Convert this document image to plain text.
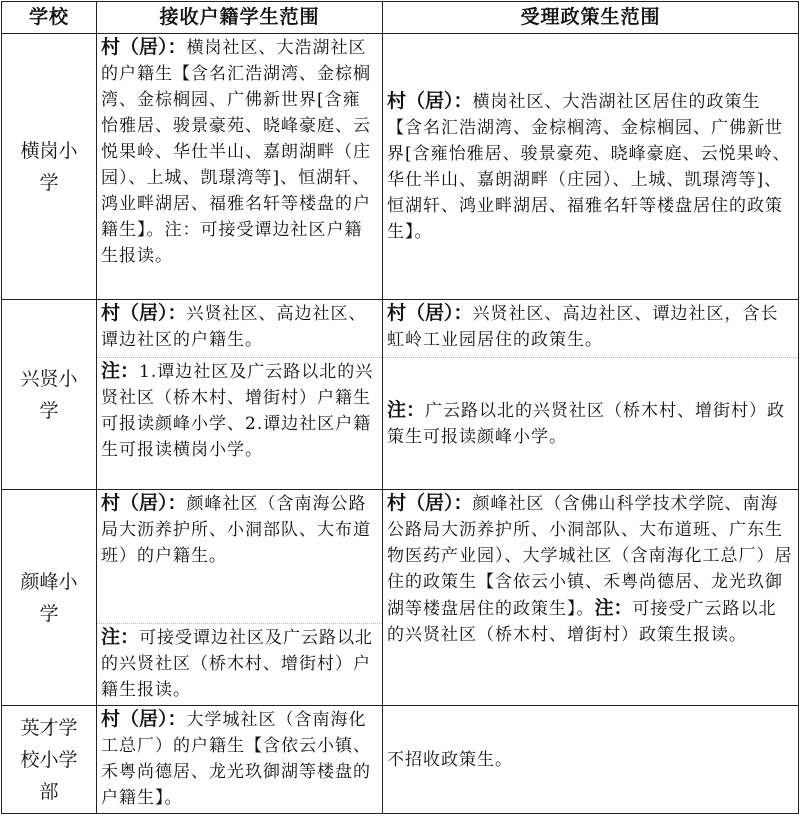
学校	接收户籍学生范围	受理政策生范围
横岗小学	村（居）：横岗社区、大浩湖社区的户籍生【含名汇浩湖湾、金棕榈湾、金棕榈园、广佛新世界[含雍怡雅居、骏景豪苑、晓峰豪庭、云悦果岭、华仕半山、嘉朗湖畔（庄园）、上城、凯璟湾等]、恒湖轩、鸿业畔湖居、福雅名轩等楼盘的户籍生】。注：可接受谭边社区户籍生报读。	村（居）：横岗社区、大浩湖社区居住的政策生【含名汇浩湖湾、金棕榈湾、金棕榈园、广佛新世界[含雍怡雅居、骏景豪苑、晓峰豪庭、云悦果岭、华仕半山、嘉朗湖畔（庄园）、上城、凯璟湾等]、恒湖轩、鸿业畔湖居、福雅名轩等楼盘居住的政策生】。
兴贤小学	村（居）：兴贤社区、高边社区、谭边社区的户籍生。	村（居）：兴贤社区、高边社区、谭边社区，含长虹岭工业园居住的政策生。
	注：1.谭边社区及广云路以北的兴贤社区（桥木村、增街村）户籍生可报读颜峰小学、2.谭边社区户籍生可报读横岗小学。	注：广云路以北的兴贤社区（桥木村、增街村）政策生可报读颜峰小学。
颜峰小学	村（居）：颜峰社区（含南海公路局大沥养护所、小洞部队、大布道班）的户籍生。	村（居）：颜峰社区（含佛山科学技术学院、南海公路局大沥养护所、小洞部队、大布道班、广东生物医药产业园）、大学城社区（含南海化工总厂）居住的政策生【含依云小镇、禾粤尚德居、龙光玖御湖等楼盘居住的政策生】。注：可接受广云路以北的兴贤社区（桥木村、增街村）政策生报读。
	注：可接受谭边社区及广云路以北的兴贤社区（桥木村、增街村）户籍生报读。	
英才学校小学部	村（居）：大学城社区（含南海化工总厂）的户籍生【含依云小镇、禾粤尚德居、龙光玖御湖等楼盘的户籍生】。	不招收政策生。
